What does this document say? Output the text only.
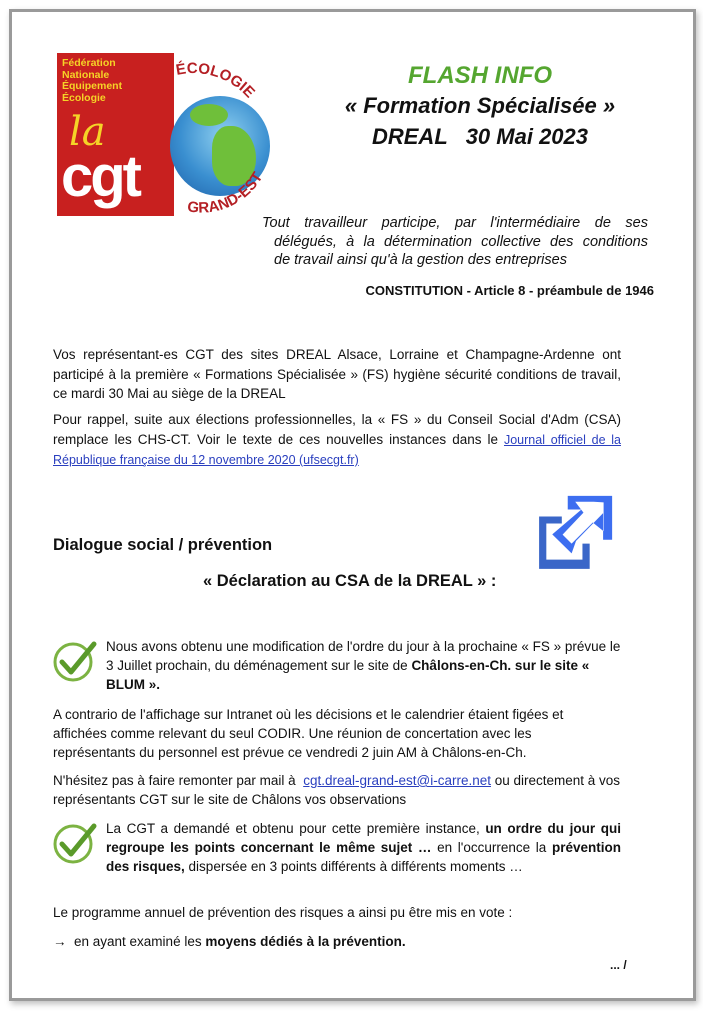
Fédération
Nationale
Équipement
Écologie
la
cgt
ÉCOLOGIE
GRAND-EST
FLASH INFO
« Formation Spécialisée »
DREAL   30 Mai 2023
Tout travailleur participe, par l'intermédiaire de ses
délégués, à la détermination collective des conditions
de travail ainsi qu'à la gestion des entreprises
CONSTITUTION - Article 8 - préambule de 1946
Vos représentant-es CGT des sites DREAL Alsace, Lorraine et Champagne-Ardenne ont participé à la première « Formations Spécialisée » (FS) hygiène sécurité conditions de travail, ce mardi 30 Mai au siège de la DREAL
Pour rappel, suite aux élections professionnelles, la « FS » du Conseil Social d'Adm (CSA) remplace les CHS-CT. Voir le texte de ces nouvelles instances dans le Journal officiel de la République française du 12 novembre 2020 (ufsecgt.fr)
Dialogue social / prévention
« Déclaration au CSA de la DREAL » :
Nous avons obtenu une modification de l'ordre du jour à la prochaine « FS » prévue le 3 Juillet prochain, du déménagement sur le site de Châlons-en-Ch. sur le site « BLUM ».
A contrario de l'affichage sur Intranet où les décisions et le calendrier étaient figées et affichées comme relevant du seul CODIR. Une réunion de concertation avec les représentants du personnel est prévue ce vendredi 2 juin AM à Châlons-en-Ch.
N'hésitez pas à faire remonter par mail à  cgt.dreal-grand-est@i-carre.net ou directement à vos représentants CGT sur le site de Châlons vos observations
La CGT a demandé et obtenu pour cette première instance, un ordre du jour qui regroupe les points concernant le même sujet … en l'occurrence la prévention des risques, dispersée en 3 points différents à différents moments …
Le programme annuel de prévention des risques a ainsi pu être mis en vote :
→  en ayant examiné les moyens dédiés à la prévention.
... /
